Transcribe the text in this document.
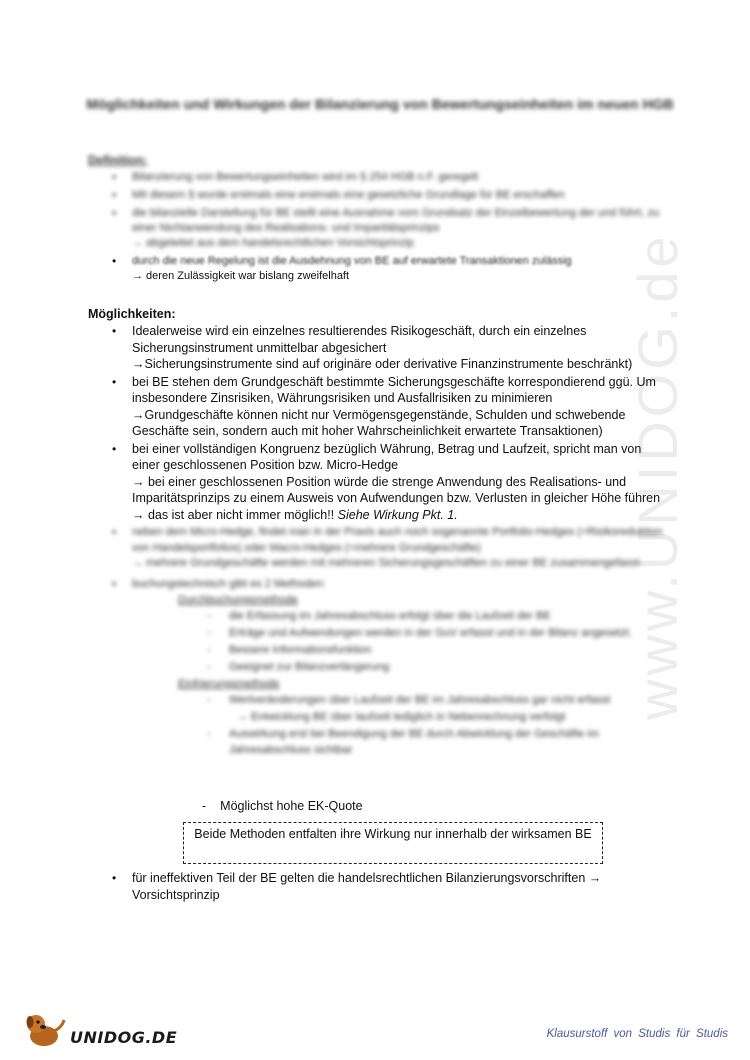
www.UNIDOG.de
Möglichkeiten und Wirkungen der Bilanzierung von Bewertungseinheiten im neuen HGB
Definition:
• Bilanzierung von Bewertungseinheiten wird im § 254 HGB n.F. geregelt
• Mit diesem § wurde erstmals eine erstmals eine gesetzliche Grundlage für BE erschaffen
• die bilanzielle Darstellung für BE stellt eine Ausnahme vom Grundsatz der Einzelbewertung der und führt, zu einer Nichtanwendung des Realisations- und Imparitätsprinzips
→ abgeleitet aus dem handelsrechtlichen Vorsichtsprinzip
• durch die neue Regelung ist die Ausdehnung von BE auf erwartete Transaktionen zulässig
→ deren Zulässigkeit war bislang zweifelhaft
Möglichkeiten:
• Idealerweise wird ein einzelnes resultierendes Risikogeschäft, durch ein einzelnes Sicherungsinstrument unmittelbar abgesichert
→Sicherungsinstrumente sind auf originäre oder derivative Finanzinstrumente beschränkt)
• bei BE stehen dem Grundgeschäft bestimmte Sicherungsgeschäfte korrespondierend ggü. Um insbesondere Zinsrisiken, Währungsrisiken und Ausfallrisiken zu minimieren
→Grundgeschäfte können nicht nur Vermögensgegenstände, Schulden und schwebende Geschäfte sein, sondern auch mit hoher Wahrscheinlichkeit erwartete Transaktionen)
• bei einer vollständigen Kongruenz bezüglich Währung, Betrag und Laufzeit, spricht man von einer geschlossenen Position bzw. Micro-Hedge
→ bei einer geschlossenen Position würde die strenge Anwendung des Realisations- und Imparitätsprinzips zu einem Ausweis von Aufwendungen bzw. Verlusten in gleicher Höhe führen → das ist aber nicht immer möglich!! Siehe Wirkung Pkt. 1.
• neben dem Micro-Hedge, findet man in der Praxis auch noch sogenannte Portfolio-Hedges (=Risikoreduktion von Handelsportfolios) oder Macro-Hedges (=mehrere Grundgeschäfte)
→ mehrere Grundgeschäfte werden mit mehreren Sicherungsgeschäften zu einer BE zusammengefasst
• buchungstechnisch gibt es 2 Methoden:
Durchbuchungsmethode
- die Erfassung im Jahresabschluss erfolgt über die Laufzeit der BE
- Erträge und Aufwendungen werden in der GuV erfasst und in der Bilanz angesetzt.
- Bessere Informationsfunktion
- Geeignet zur Bilanzverlängerung
Einfrierungsmethode
- Wertveränderungen über Laufzeit der BE im Jahresabschluss gar nicht erfasst
→ Entwicklung BE über laufzeit lediglich in Nebenrechnung verfolgt
- Auswirkung erst bei Beendigung der BE durch Abwicklung der Geschäfte im Jahresabschluss sichtbar
- Möglichst hohe EK-Quote
Beide Methoden entfalten ihre Wirkung nur innerhalb der wirksamen BE
• für ineffektiven Teil der BE gelten die handelsrechtlichen Bilanzierungsvorschriften → Vorsichtsprinzip
UNIDOG.DE	Klausurstoff von Studis für Studis
